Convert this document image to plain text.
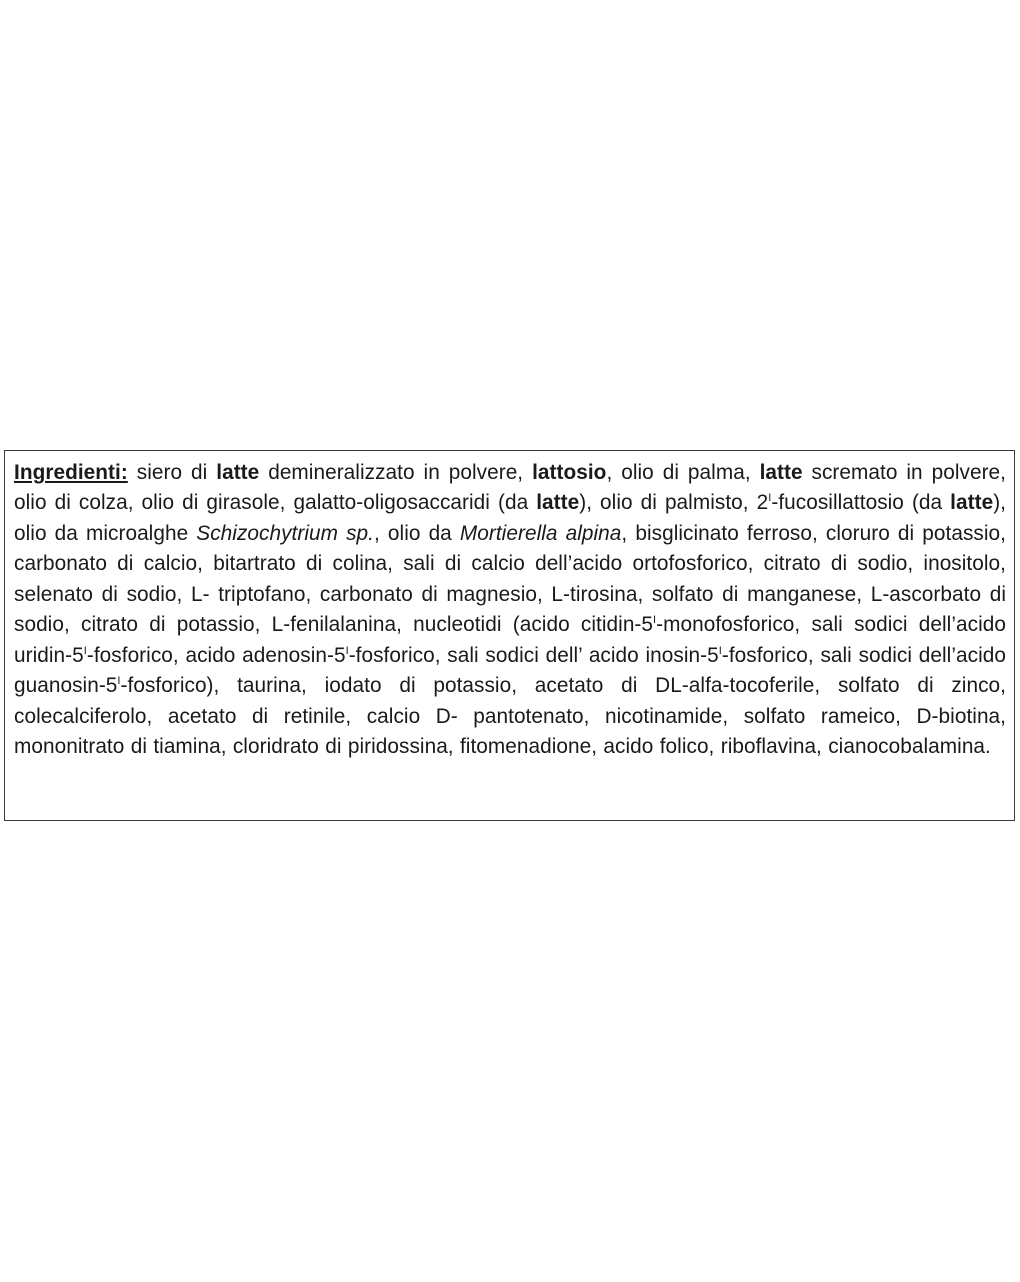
Ingredienti: siero di latte demineralizzato in polvere, lattosio, olio di palma, latte scremato in polvere, olio di colza, olio di girasole, galatto-oligosaccaridi (da latte), olio di palmisto, $2^I$-fucosillattosio (da latte), olio da microalghe Schizochytrium sp., olio da Mortierella alpina, bisglicinato ferroso, cloruro di potassio, carbonato di calcio, bitartrato di colina, sali di calcio dell’acido ortofosforico, citrato di sodio, inositolo, selenato di sodio, L- triptofano, carbonato di magnesio, L-tirosina, solfato di manganese, L-ascorbato di sodio, citrato di potassio, L-fenilalanina, nucleotidi (acido citidin-$5^I$-monofosforico, sali sodici dell’acido uridin-$5^I$-fosforico, acido adenosin-$5^I$-fosforico, sali sodici dell’ acido inosin-$5^I$-fosforico, sali sodici dell’acido guanosin-$5^I-fosforico$), taurina, iodato di potassio, acetato di DL-alfa-tocoferile, solfato di zinco, colecalciferolo, acetato di retinile, calcio D- pantotenato, nicotinamide, solfato rameico, D-biotina, mononitrato di tiamina, cloridrato di piridossina, fitomenadione, acido folico, riboflavina, cianocobalamina.
